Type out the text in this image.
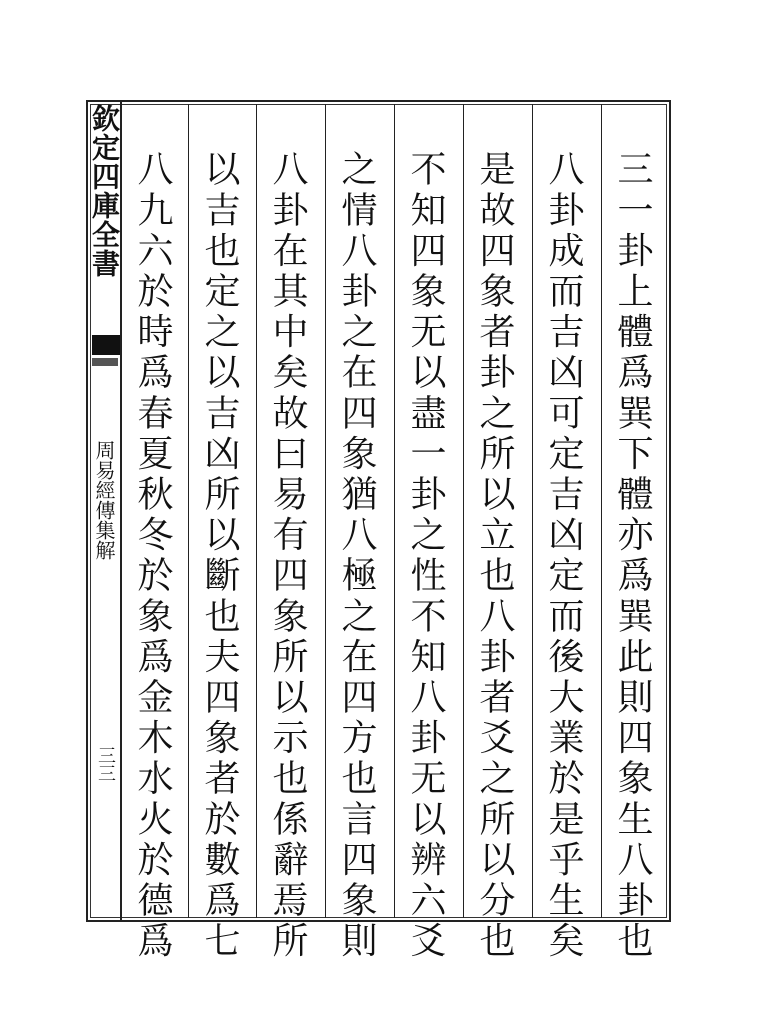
欽定四庫全書
周易經傳集解
三三	三一卦上體爲巽下體亦爲巽此則四象生八卦也
八卦成而吉凶可定吉凶定而後大業於是乎生矣
是故四象者卦之所以立也八卦者爻之所以分也
不知四象无以盡一卦之性不知八卦无以辨六爻
之情八卦之在四象猶八極之在四方也言四象則
八卦在其中矣故曰易有四象所以示也係辭焉所
以吉也定之以吉凶所以斷也夫四象者於數爲七
八九六於時爲春夏秋冬於象爲金木水火於德爲
